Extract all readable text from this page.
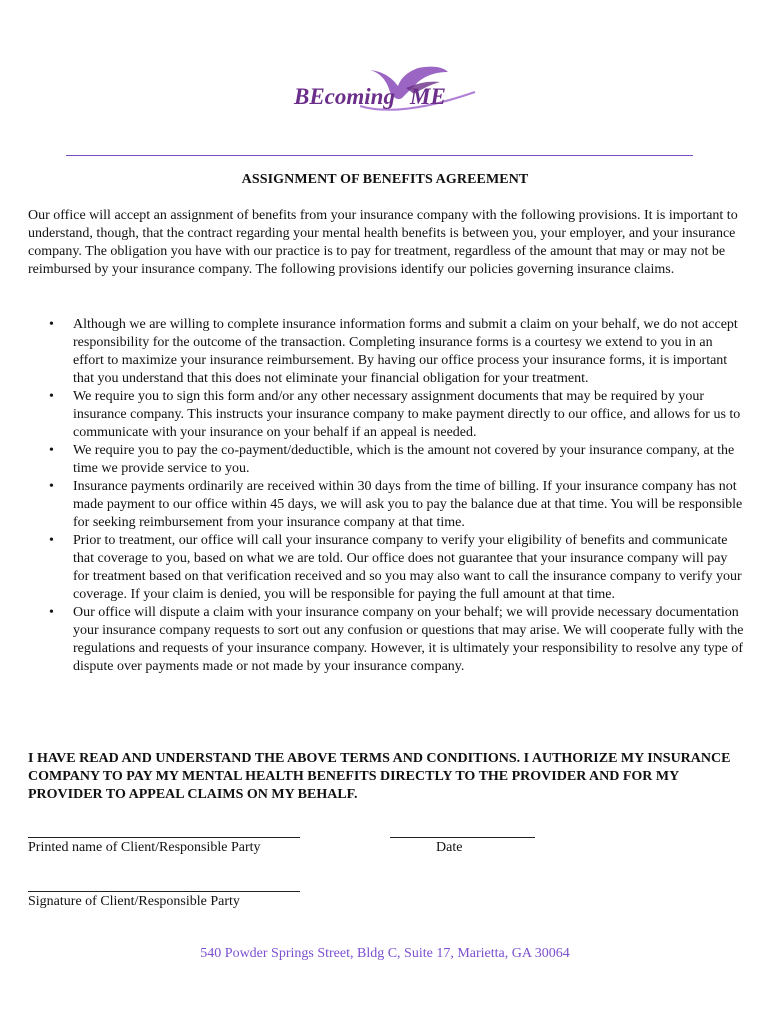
BEcoming ME
ASSIGNMENT OF BENEFITS AGREEMENT
Our office will accept an assignment of benefits from your insurance company with the following provisions. It is important to understand, though, that the contract regarding your mental health benefits is between you, your employer, and your insurance company. The obligation you have with our practice is to pay for treatment, regardless of the amount that may or may not be reimbursed by your insurance company. The following provisions identify our policies governing insurance claims.
• Although we are willing to complete insurance information forms and submit a claim on your behalf, we do not accept responsibility for the outcome of the transaction. Completing insurance forms is a courtesy we extend to you in an effort to maximize your insurance reimbursement. By having our office process your insurance forms, it is important that you understand that this does not eliminate your financial obligation for your treatment.
• We require you to sign this form and/or any other necessary assignment documents that may be required by your insurance company. This instructs your insurance company to make payment directly to our office, and allows for us to communicate with your insurance on your behalf if an appeal is needed.
• We require you to pay the co-payment/deductible, which is the amount not covered by your insurance company, at the time we provide service to you.
• Insurance payments ordinarily are received within 30 days from the time of billing. If your insurance company has not made payment to our office within 45 days, we will ask you to pay the balance due at that time. You will be responsible for seeking reimbursement from your insurance company at that time.
• Prior to treatment, our office will call your insurance company to verify your eligibility of benefits and communicate that coverage to you, based on what we are told. Our office does not guarantee that your insurance company will pay for treatment based on that verification received and so you may also want to call the insurance company to verify your coverage. If your claim is denied, you will be responsible for paying the full amount at that time.
• Our office will dispute a claim with your insurance company on your behalf; we will provide necessary documentation your insurance company requests to sort out any confusion or questions that may arise. We will cooperate fully with the regulations and requests of your insurance company. However, it is ultimately your responsibility to resolve any type of dispute over payments made or not made by your insurance company.
I HAVE READ AND UNDERSTAND THE ABOVE TERMS AND CONDITIONS. I AUTHORIZE MY INSURANCE COMPANY TO PAY MY MENTAL HEALTH BENEFITS DIRECTLY TO THE PROVIDER AND FOR MY PROVIDER TO APPEAL CLAIMS ON MY BEHALF.
Printed name of Client/Responsible Party	Date
Signature of Client/Responsible Party
540 Powder Springs Street, Bldg C, Suite 17, Marietta, GA 30064
